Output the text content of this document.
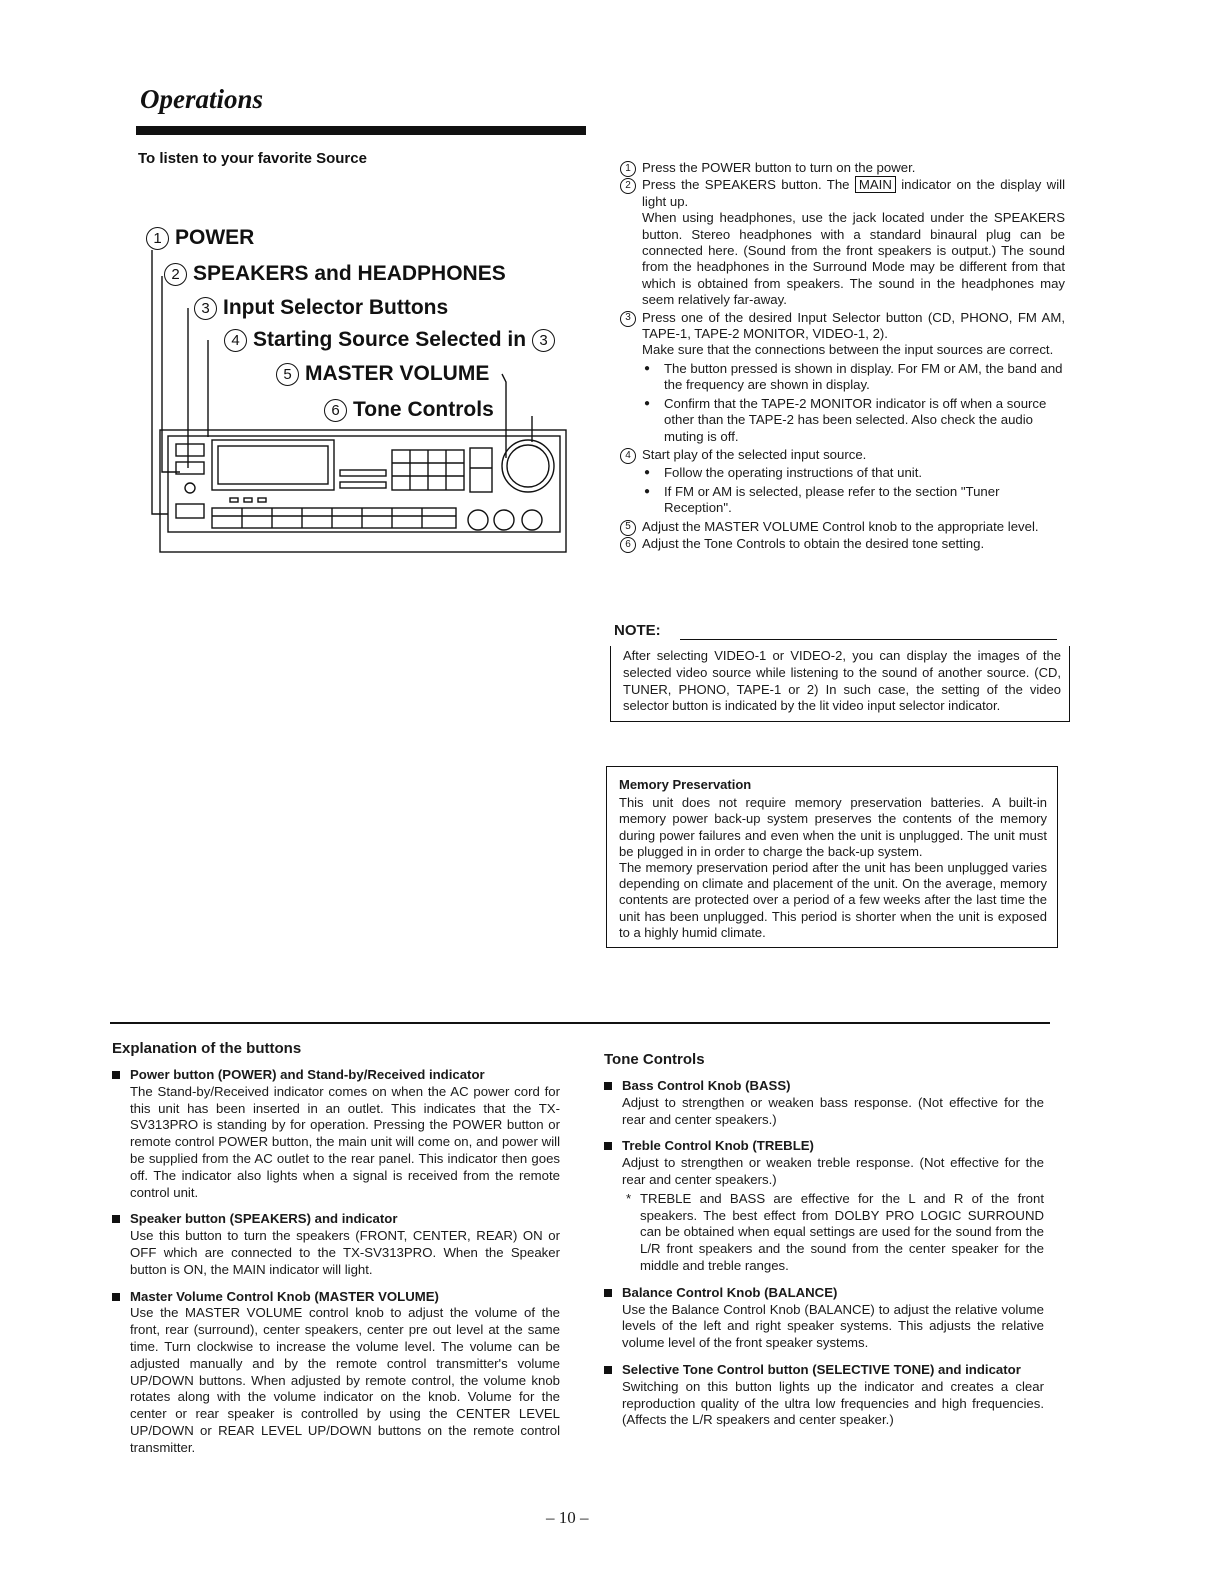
Operations
To listen to your favorite Source
1 POWER
2 SPEAKERS and HEADPHONES
3 Input Selector Buttons
4 Starting Source Selected in 3
5 MASTER VOLUME
6 Tone Controls
1 Press the POWER button to turn on the power.

2 Press the SPEAKERS button. The MAIN indicator on the display will light up.

When using headphones, use the jack located under the SPEAKERS button. Stereo headphones with a standard binaural plug can be connected here. (Sound from the front speakers is output.) The sound from the headphones in the Surround Mode may be different from that which is obtained from speakers. The sound in the headphones may seem relatively far-away.

3 Press one of the desired Input Selector button (CD, PHONO, FM AM, TAPE-1, TAPE-2 MONITOR, VIDEO-1, 2).

Make sure that the connections between the input sources are correct.

● The button pressed is shown in display. For FM or AM, the band and the frequency are shown in display.
● Confirm that the TAPE-2 MONITOR indicator is off when a source other than the TAPE-2 has been selected. Also check the audio muting is off.
4 Start play of the selected input source.

● Follow the operating instructions of that unit.
● If FM or AM is selected, please refer to the section "Tuner Reception".
5 Adjust the MASTER VOLUME Control knob to the appropriate level.

6 Adjust the Tone Controls to obtain the desired tone setting.

NOTE:
After selecting VIDEO-1 or VIDEO-2, you can display the images of the selected video source while listening to the sound of another source. (CD, TUNER, PHONO, TAPE-1 or 2) In such case, the setting of the video selector button is indicated by the lit video input selector indicator.
Memory Preservation

This unit does not require memory preservation batteries. A built-in memory power back-up system preserves the contents of the memory during power failures and even when the unit is unplugged. The unit must be plugged in in order to charge the back-up system.

The memory preservation period after the unit has been unplugged varies depending on climate and placement of the unit. On the average, memory contents are protected over a period of a few weeks after the last time the unit has been unplugged. This period is shorter when the unit is exposed to a highly humid climate.

Explanation of the buttons
Power button (POWER) and Stand-by/Received indicator
The Stand-by/Received indicator comes on when the AC power cord for this unit has been inserted in an outlet. This indicates that the TX-SV313PRO is standing by for operation. Pressing the POWER button or remote control POWER button, the main unit will come on, and power will be supplied from the AC outlet to the rear panel. This indicator then goes off. The indicator also lights when a signal is received from the remote control unit.
Speaker button (SPEAKERS) and indicator
Use this button to turn the speakers (FRONT, CENTER, REAR) ON or OFF which are connected to the TX-SV313PRO. When the Speaker button is ON, the MAIN indicator will light.
Master Volume Control Knob (MASTER VOLUME)
Use the MASTER VOLUME control knob to adjust the volume of the front, rear (surround), center speakers, center pre out level at the same time. Turn clockwise to increase the volume level. The volume can be adjusted manually and by the remote control transmitter's volume UP/DOWN buttons. When adjusted by remote control, the volume knob rotates along with the volume indicator on the knob. Volume for the center or rear speaker is controlled by using the CENTER LEVEL UP/DOWN or REAR LEVEL UP/DOWN buttons on the remote control transmitter.
Tone Controls
Bass Control Knob (BASS)
Adjust to strengthen or weaken bass response. (Not effective for the rear and center speakers.)
Treble Control Knob (TREBLE)
Adjust to strengthen or weaken treble response. (Not effective for the rear and center speakers.)
* TREBLE and BASS are effective for the L and R of the front speakers. The best effect from DOLBY PRO LOGIC SURROUND can be obtained when equal settings are used for the sound from the L/R front speakers and the sound from the center speaker for the middle and treble ranges.
Balance Control Knob (BALANCE)
Use the Balance Control Knob (BALANCE) to adjust the relative volume levels of the left and right speaker systems. This adjusts the relative volume level of the front speaker systems.
Selective Tone Control button (SELECTIVE TONE) and indicator
Switching on this button lights up the indicator and creates a clear reproduction quality of the ultra low frequencies and high frequencies. (Affects the L/R speakers and center speaker.)
– 10 –
